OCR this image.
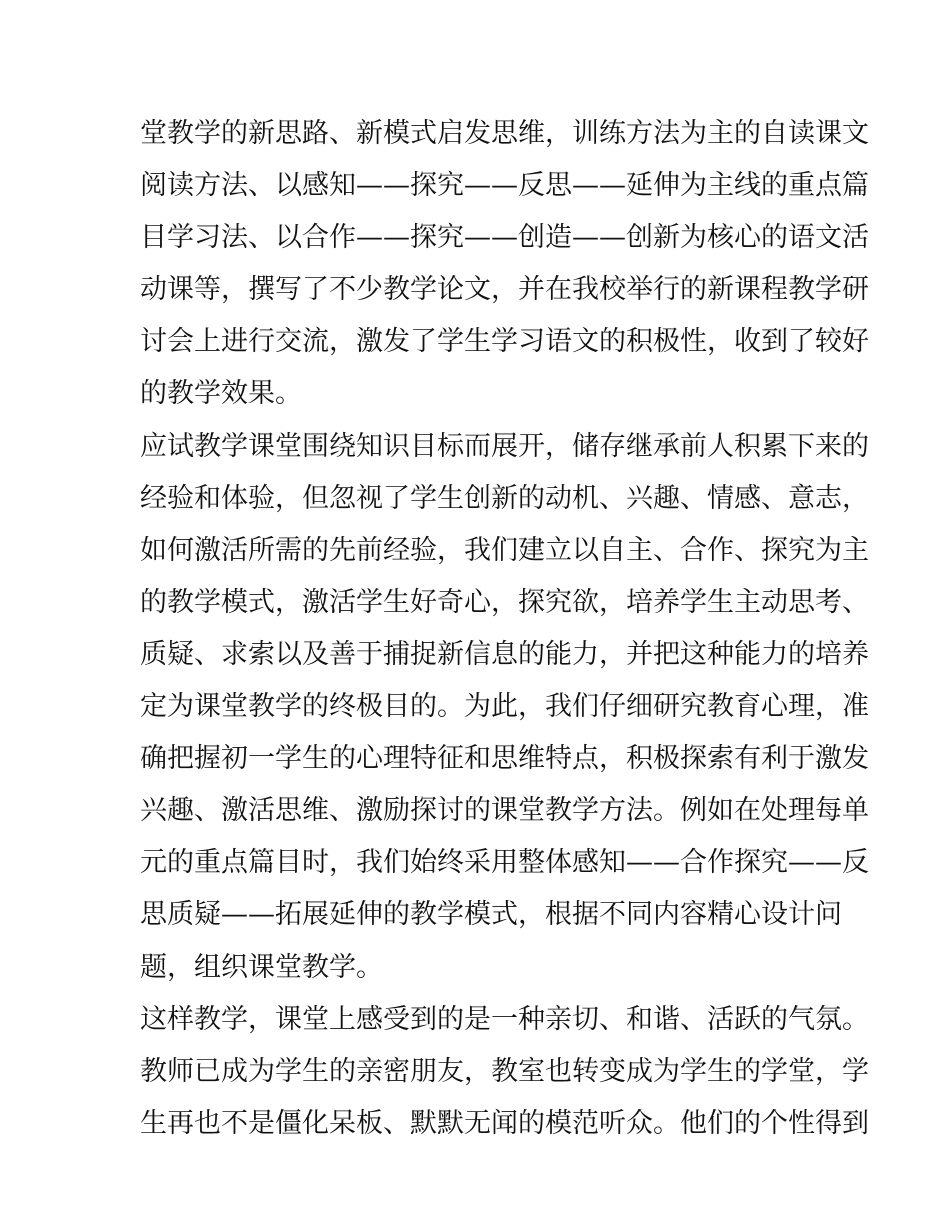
堂教学的新思路、新模式启发思维，训练方法为主的自读课文
阅读方法、以感知——探究——反思——延伸为主线的重点篇
目学习法、以合作——探究——创造——创新为核心的语文活
动课等，撰写了不少教学论文，并在我校举行的新课程教学研
讨会上进行交流，激发了学生学习语文的积极性，收到了较好
的教学效果。
应试教学课堂围绕知识目标而展开，储存继承前人积累下来的
经验和体验，但忽视了学生创新的动机、兴趣、情感、意志，
如何激活所需的先前经验，我们建立以自主、合作、探究为主
的教学模式，激活学生好奇心，探究欲，培养学生主动思考、
质疑、求索以及善于捕捉新信息的能力，并把这种能力的培养
定为课堂教学的终极目的。为此，我们仔细研究教育心理，准
确把握初一学生的心理特征和思维特点，积极探索有利于激发
兴趣、激活思维、激励探讨的课堂教学方法。例如在处理每单
元的重点篇目时，我们始终采用整体感知——合作探究——反
思质疑——拓展延伸的教学模式，根据不同内容精心设计问
题，组织课堂教学。
这样教学，课堂上感受到的是一种亲切、和谐、活跃的气氛。
教师已成为学生的亲密朋友，教室也转变成为学生的学堂，学
生再也不是僵化呆板、默默无闻的模范听众。他们的个性得到
